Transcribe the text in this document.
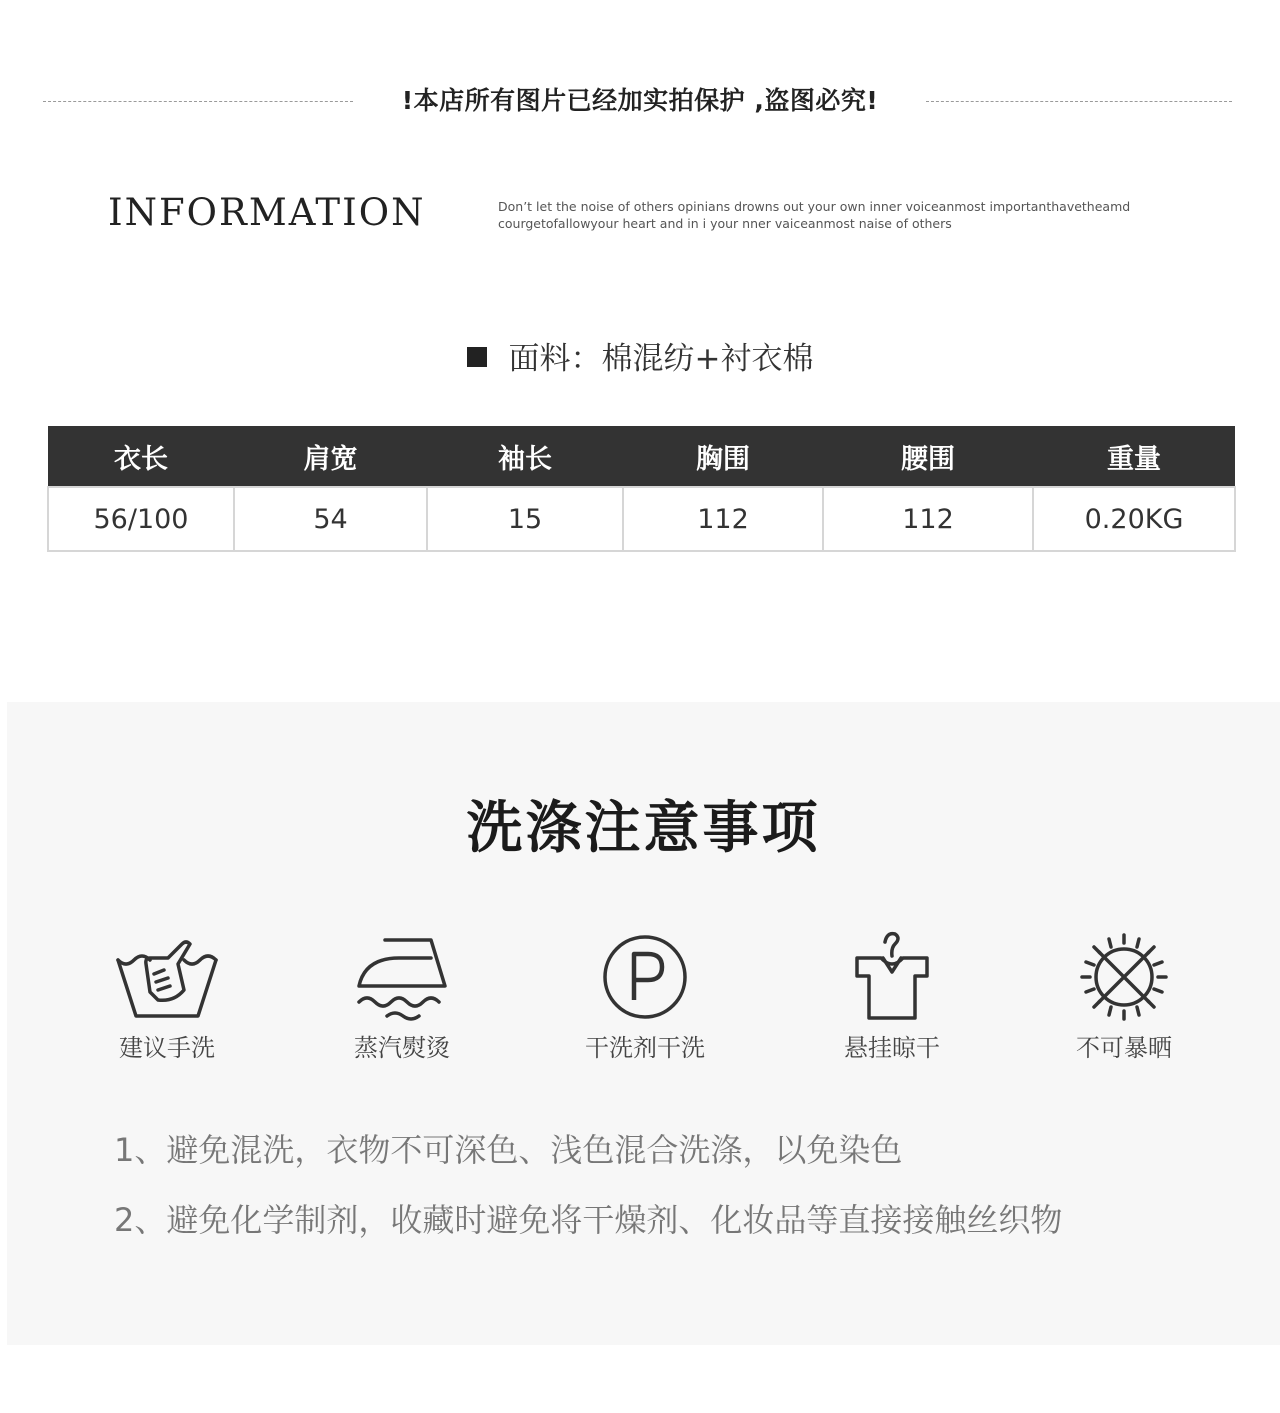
!本店所有图片已经加实拍保护 ,盗图必究!
INFORMATION	Don’t let the noise of others opinians drowns out your own inner voiceanmost importanthavetheamd
courgetofallowyour heart and in i your nner vaiceanmost naise of others
面料：棉混纺+衬衣棉
衣长	肩宽	袖长	胸围	腰围	重量
56/100	54	15	112	112	0.20KG
洗涤注意事项
建议手洗	蒸汽熨烫	干洗剂干洗	悬挂晾干	不可暴晒

1、避免混洗，衣物不可深色、浅色混合洗涤，以免染色

2、避免化学制剂，收藏时避免将干燥剂、化妆品等直接接触丝织物
